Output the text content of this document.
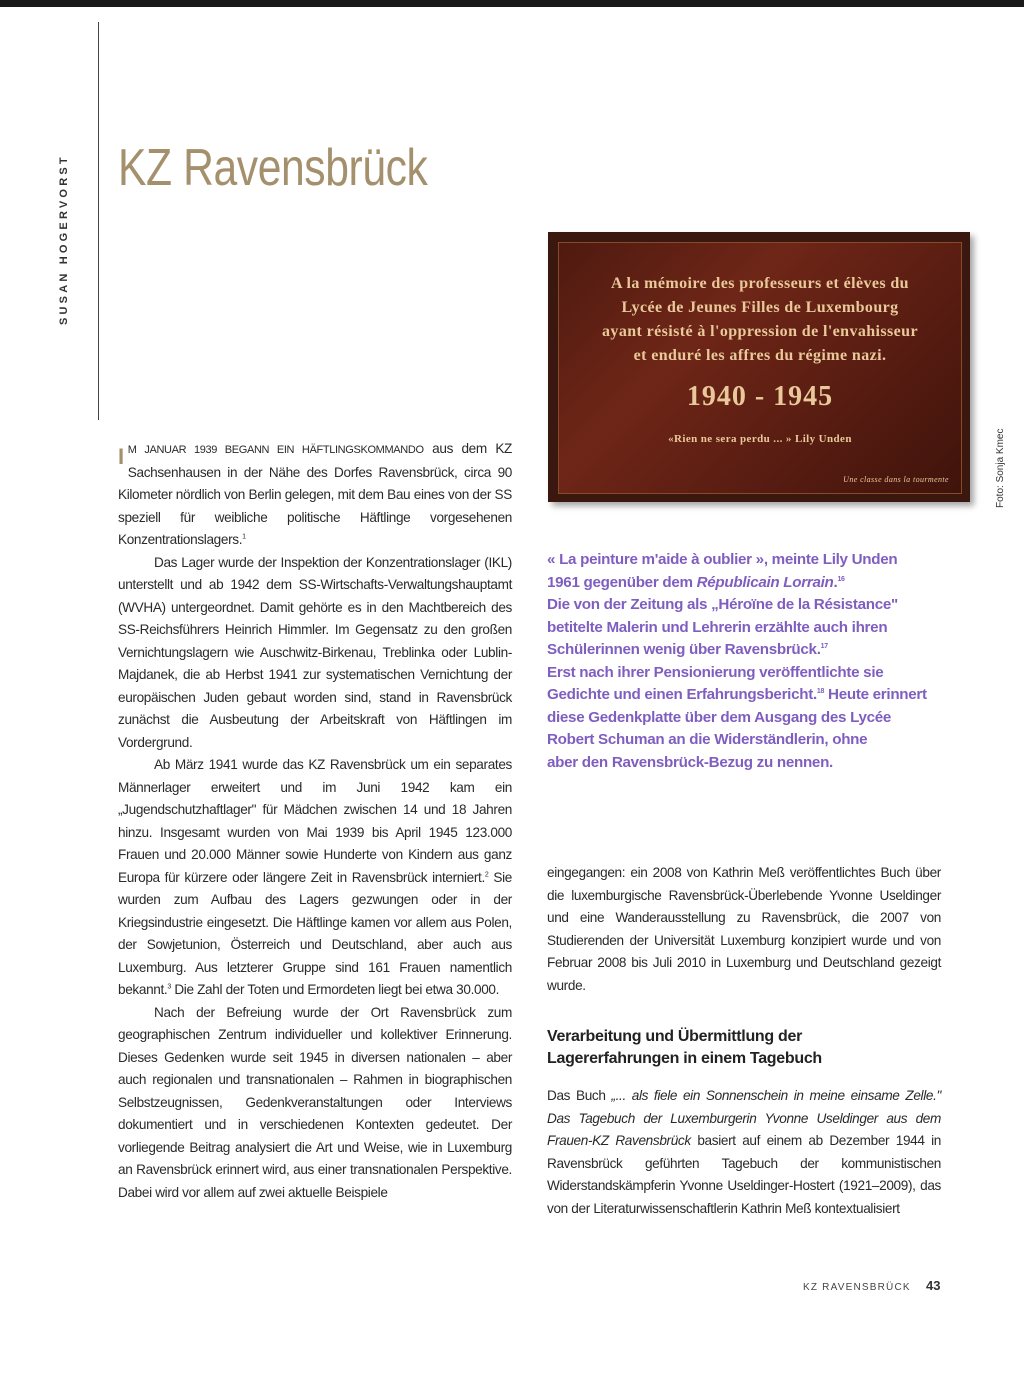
SUSAN HOGERVORST KZ Ravensbrück

IM JANUAR 1939 BEGANN EIN HÄFTLINGSKOMMANDO aus dem KZ Sachsenhausen in der Nähe des Dorfes Ravensbrück, circa 90 Kilometer nördlich von Berlin gelegen, mit dem Bau eines von der SS speziell für weibliche politische Häftlinge vorgesehenen Konzentrationslagers.$^1$

Das Lager wurde der Inspektion der Konzentrationslager (IKL) unterstellt und ab 1942 dem SS-Wirtschafts-Verwaltungshauptamt (WVHA) untergeordnet. Damit gehörte es in den Machtbereich des SS-Reichsführers Heinrich Himmler. Im Gegensatz zu den großen Vernichtungslagern wie Auschwitz-Birkenau, Treblinka oder Lublin-Majdanek, die ab Herbst 1941 zur systematischen Vernichtung der europäischen Juden gebaut worden sind, stand in Ravensbrück zunächst die Ausbeutung der Arbeitskraft von Häftlingen im Vordergrund.

Ab März 1941 wurde das KZ Ravensbrück um ein separates Männerlager erweitert und im Juni 1942 kam ein „Jugendschutzhaftlager" für Mädchen zwischen 14 und 18 Jahren hinzu. Insgesamt wurden von Mai 1939 bis April 1945 123.000 Frauen und 20.000 Männer sowie Hunderte von Kindern aus ganz Europa für kürzere oder längere Zeit in Ravensbrück interniert.$^2$ Sie wurden zum Aufbau des Lagers gezwungen oder in der Kriegsindustrie eingesetzt. Die Häftlinge kamen vor allem aus Polen, der Sowjetunion, Österreich und Deutschland, aber auch aus Luxemburg. Aus letzterer Gruppe sind 161 Frauen namentlich bekannt.$^3$ Die Zahl der Toten und Ermordeten liegt bei etwa 30.000.

Nach der Befreiung wurde der Ort Ravensbrück zum geographischen Zentrum individueller und kollektiver Erinnerung. Dieses Gedenken wurde seit 1945 in diversen nationalen – aber auch regionalen und transnationalen – Rahmen in biographischen Selbstzeugnissen, Gedenkveranstaltungen oder Interviews dokumentiert und in verschiedenen Kontexten gedeutet. Der vorliegende Beitrag analysiert die Art und Weise, wie in Luxemburg an Ravensbrück erinnert wird, aus einer transnationalen Perspektive. Dabei wird vor allem auf zwei aktuelle Beispiele

A la mémoire des professeurs et élèves du
Lycée de Jeunes Filles de Luxembourg
ayant résisté à l'oppression de l'envahisseur
et enduré les affres du régime nazi.
1940 - 1945
«Rien ne sera perdu ... » Lily Unden
Une classe dans la tourmente	Foto: Sonja Kmec

« La peinture m'aide à oublier », meinte Lily Unden

1961 gegenüber dem Républicain Lorrain.$^{16}$

Die von der Zeitung als „Héroïne de la Résistance"

betitelte Malerin und Lehrerin erzählte auch ihren

Schülerinnen wenig über Ravensbrück.$^{17}$

Erst nach ihrer Pensionierung veröffentlichte sie

Gedichte und einen Erfahrungsbericht.$^{18}$ Heute erinnert

diese Gedenkplatte über dem Ausgang des Lycée

Robert Schuman an die Widerständlerin, ohne

aber den Ravensbrück-Bezug zu nennen.

eingegangen: ein 2008 von Kathrin Meß veröffentlichtes Buch über die luxemburgische Ravensbrück-Überlebende Yvonne Useldinger und eine Wanderausstellung zu Ravensbrück, die 2007 von Studierenden der Universität Luxemburg konzipiert wurde und von Februar 2008 bis Juli 2010 in Luxemburg und Deutschland gezeigt wurde.

Verarbeitung und Übermittlung der
Lagererfahrungen in einem Tagebuch

Das Buch „... als fiele ein Sonnenschein in meine einsame Zelle." Das Tagebuch der Luxemburgerin Yvonne Useldinger aus dem Frauen-KZ Ravensbrück basiert auf einem ab Dezember 1944 in Ravensbrück geführten Tagebuch der kommunistischen Widerstandskämpferin Yvonne Useldinger-Hostert (1921–2009), das von der Literaturwissenschaftlerin Kathrin Meß kontextualisiert

KZ RAVENSBRÜCK 43
